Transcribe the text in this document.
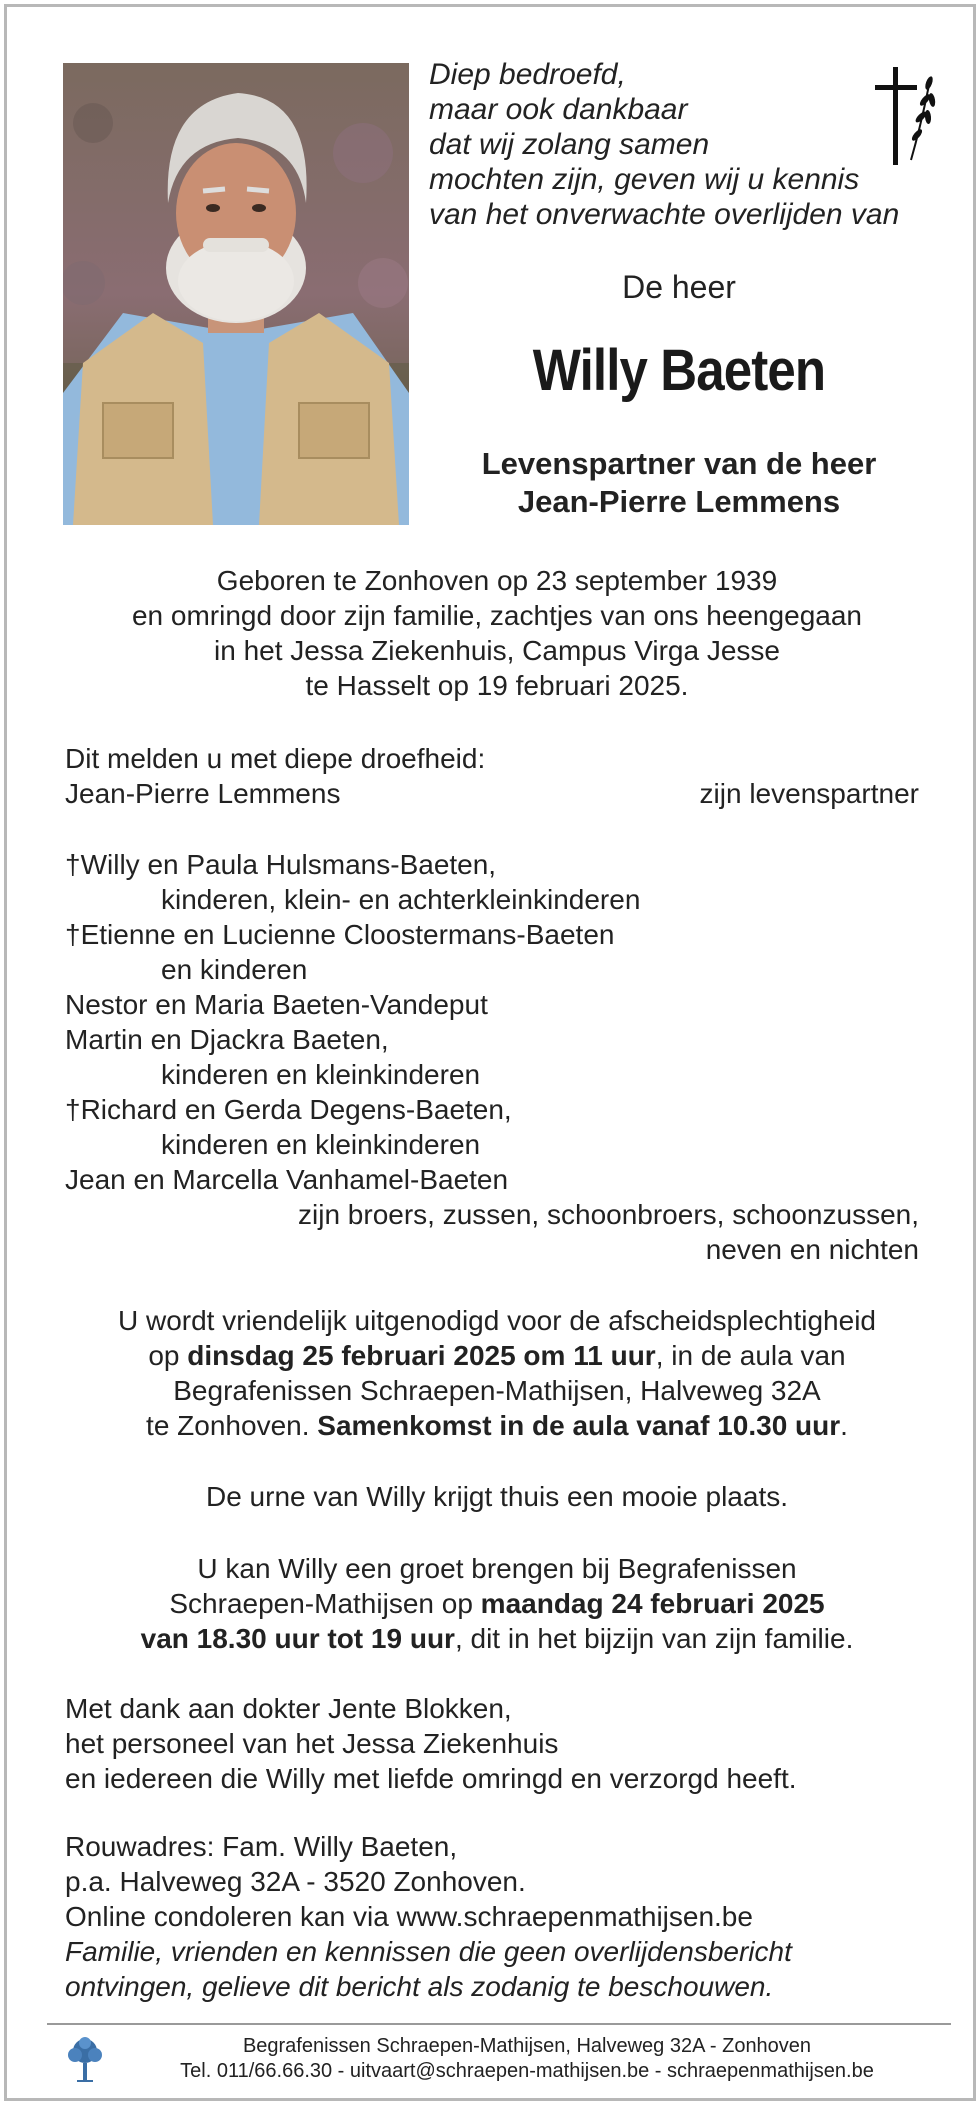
Diep bedroefd,
maar ook dankbaar
dat wij zolang samen
mochten zijn, geven wij u kennis
van het onverwachte overlijden van
De heer
Willy Baeten
Levenspartner van de heer
Jean-Pierre Lemmens
Geboren te Zonhoven op 23 september 1939
en omringd door zijn familie, zachtjes van ons heengegaan
in het Jessa Ziekenhuis, Campus Virga Jesse
te Hasselt op 19 februari 2025.
Dit melden u met diepe droefheid:
Jean-Pierre Lemmens	zijn levenspartner
†Willy en Paula Hulsmans-Baeten,
kinderen, klein- en achterkleinkinderen
†Etienne en Lucienne Cloostermans-Baeten
en kinderen
Nestor en Maria Baeten-Vandeput
Martin en Djackra Baeten,
kinderen en kleinkinderen
†Richard en Gerda Degens-Baeten,
kinderen en kleinkinderen
Jean en Marcella Vanhamel-Baeten
zijn broers, zussen, schoonbroers, schoonzussen,
neven en nichten
U wordt vriendelijk uitgenodigd voor de afscheidsplechtigheid
op dinsdag 25 februari 2025 om 11 uur, in de aula van
Begrafenissen Schraepen-Mathijsen, Halveweg 32A
te Zonhoven. Samenkomst in de aula vanaf 10.30 uur.
De urne van Willy krijgt thuis een mooie plaats.
U kan Willy een groet brengen bij Begrafenissen
Schraepen-Mathijsen op maandag 24 februari 2025
van 18.30 uur tot 19 uur, dit in het bijzijn van zijn familie.
Met dank aan dokter Jente Blokken,
het personeel van het Jessa Ziekenhuis
en iedereen die Willy met liefde omringd en verzorgd heeft.
Rouwadres: Fam. Willy Baeten,
p.a. Halveweg 32A - 3520 Zonhoven.
Online condoleren kan via www.schraepenmathijsen.be
Familie, vrienden en kennissen die geen overlijdensbericht
ontvingen, gelieve dit bericht als zodanig te beschouwen.
Begrafenissen Schraepen-Mathijsen, Halveweg 32A - Zonhoven
Tel. 011/66.66.30 - uitvaart@schraepen-mathijsen.be - schraepenmathijsen.be
